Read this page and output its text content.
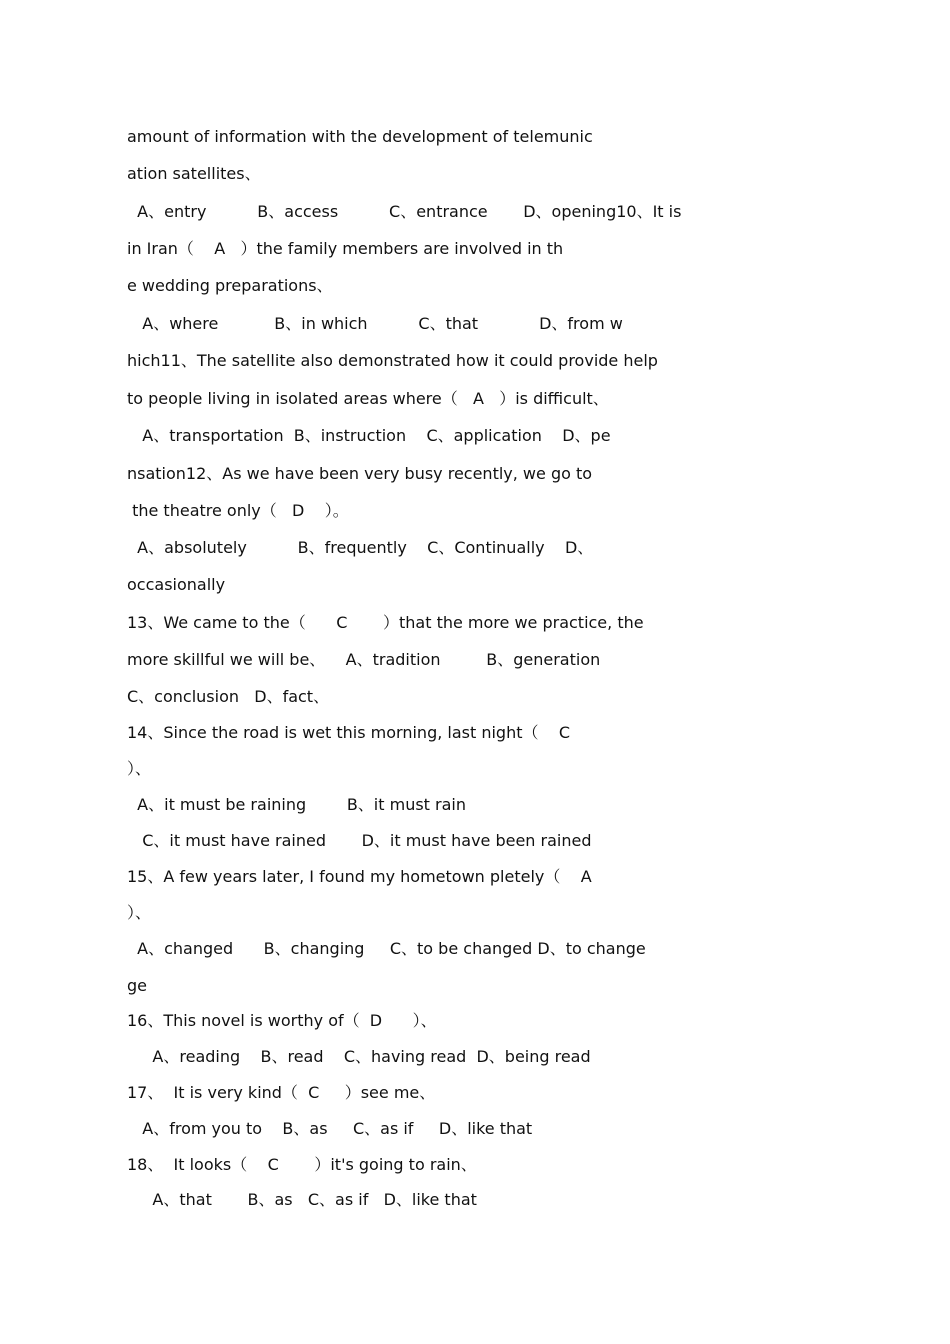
amount of information with the development of telemunic
ation satellites、
A、entry          B、access          C、entrance       D、opening10、It is
in Iran（    A   ）the family members are involved in th
e wedding preparations、
A、where           B、in which          C、that            D、from w
hich11、The satellite also demonstrated how it could provide help
to people living in isolated areas where（   A   ）is difficult、
A、transportation  B、instruction    C、application    D、pe
nsation12、As we have been very busy recently, we go to
the theatre only（   D    ）。
A、absolutely          B、frequently    C、Continually    D、
occasionally
13、We came to the（      C       ）that the more we practice, the
more skillful we will be、    A、tradition         B、generation
C、conclusion   D、fact、
14、Since the road is wet this morning, last night（    C
）、
A、it must be raining        B、it must rain
C、it must have rained       D、it must have been rained
15、A few years later, I found my hometown pletely（    A
）、
A、changed      B、changing     C、to be changed D、to change
ge
16、This novel is worthy of（  D      ）、
A、reading    B、read    C、having read  D、being read
17、  It is very kind（  C     ）see me、
A、from you to    B、as     C、as if     D、like that
18、  It looks（    C       ）it's going to rain、
A、that       B、as   C、as if   D、like that
